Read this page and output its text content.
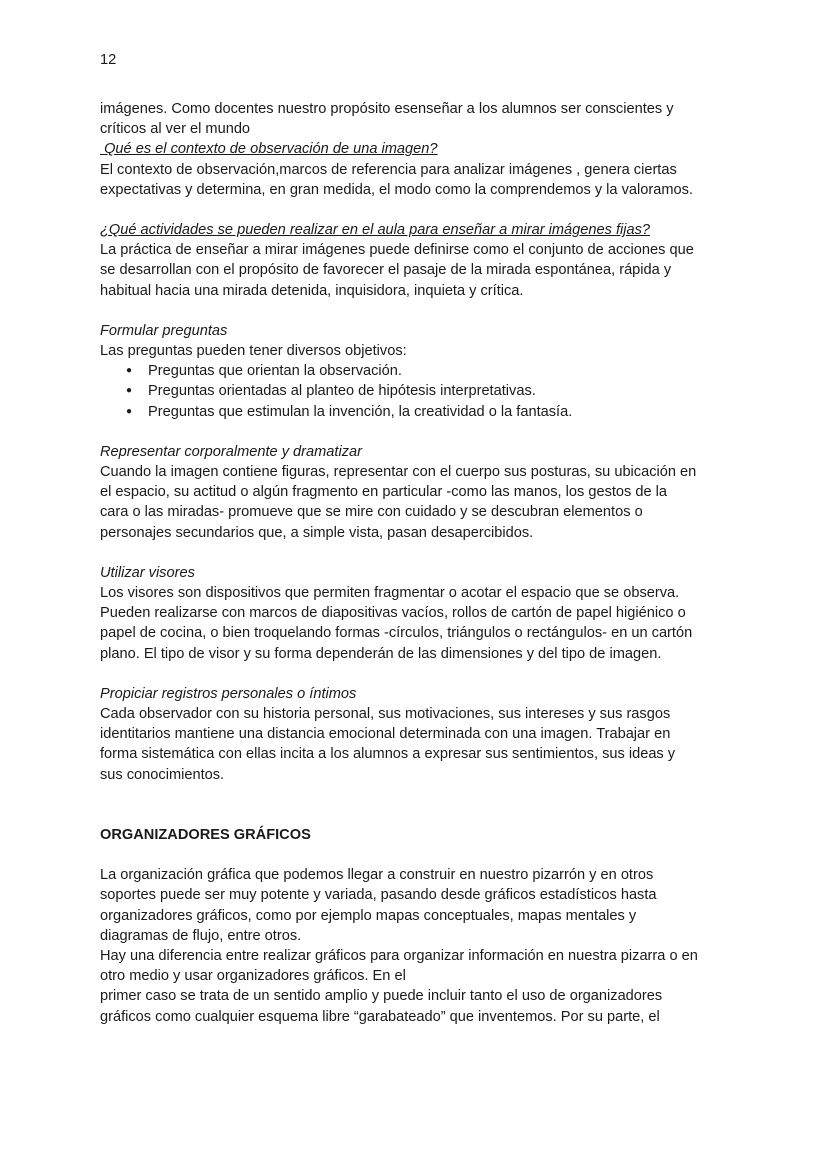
12

imágenes. Como docentes nuestro propósito esenseñar a los alumnos ser conscientes y

críticos al ver el mundo

Qué es el contexto de observación de una imagen?

El contexto de observación,marcos de referencia para analizar imágenes , genera ciertas

expectativas y determina, en gran medida, el modo como la comprendemos y la valoramos.

¿Qué actividades se pueden realizar en el aula para enseñar a mirar imágenes fijas?

La práctica de enseñar a mirar imágenes puede definirse como el conjunto de acciones que

se desarrollan con el propósito de favorecer el pasaje de la mirada espontánea, rápida y

habitual hacia una mirada detenida, inquisidora, inquieta y crítica.

Formular preguntas

Las preguntas pueden tener diversos objetivos:

● Preguntas que orientan la observación.
● Preguntas orientadas al planteo de hipótesis interpretativas.
● Preguntas que estimulan la invención, la creatividad o la fantasía.

Representar corporalmente y dramatizar

Cuando la imagen contiene figuras, representar con el cuerpo sus posturas, su ubicación en

el espacio, su actitud o algún fragmento en particular -como las manos, los gestos de la

cara o las miradas- promueve que se mire con cuidado y se descubran elementos o

personajes secundarios que, a simple vista, pasan desapercibidos.

Utilizar visores

Los visores son dispositivos que permiten fragmentar o acotar el espacio que se observa.

Pueden realizarse con marcos de diapositivas vacíos, rollos de cartón de papel higiénico o

papel de cocina, o bien troquelando formas -círculos, triángulos o rectángulos- en un cartón

plano. El tipo de visor y su forma dependerán de las dimensiones y del tipo de imagen.

Propiciar registros personales o íntimos

Cada observador con su historia personal, sus motivaciones, sus intereses y sus rasgos

identitarios mantiene una distancia emocional determinada con una imagen. Trabajar en

forma sistemática con ellas incita a los alumnos a expresar sus sentimientos, sus ideas y

sus conocimientos.

ORGANIZADORES GRÁFICOS

La organización gráfica que podemos llegar a construir en nuestro pizarrón y en otros

soportes puede ser muy potente y variada, pasando desde gráficos estadísticos hasta

organizadores gráficos, como por ejemplo mapas conceptuales, mapas mentales y

diagramas de flujo, entre otros.

Hay una diferencia entre realizar gráficos para organizar información en nuestra pizarra o en

otro medio y usar organizadores gráficos. En el

primer caso se trata de un sentido amplio y puede incluir tanto el uso de organizadores

gráficos como cualquier esquema libre “garabateado” que inventemos. Por su parte, el
